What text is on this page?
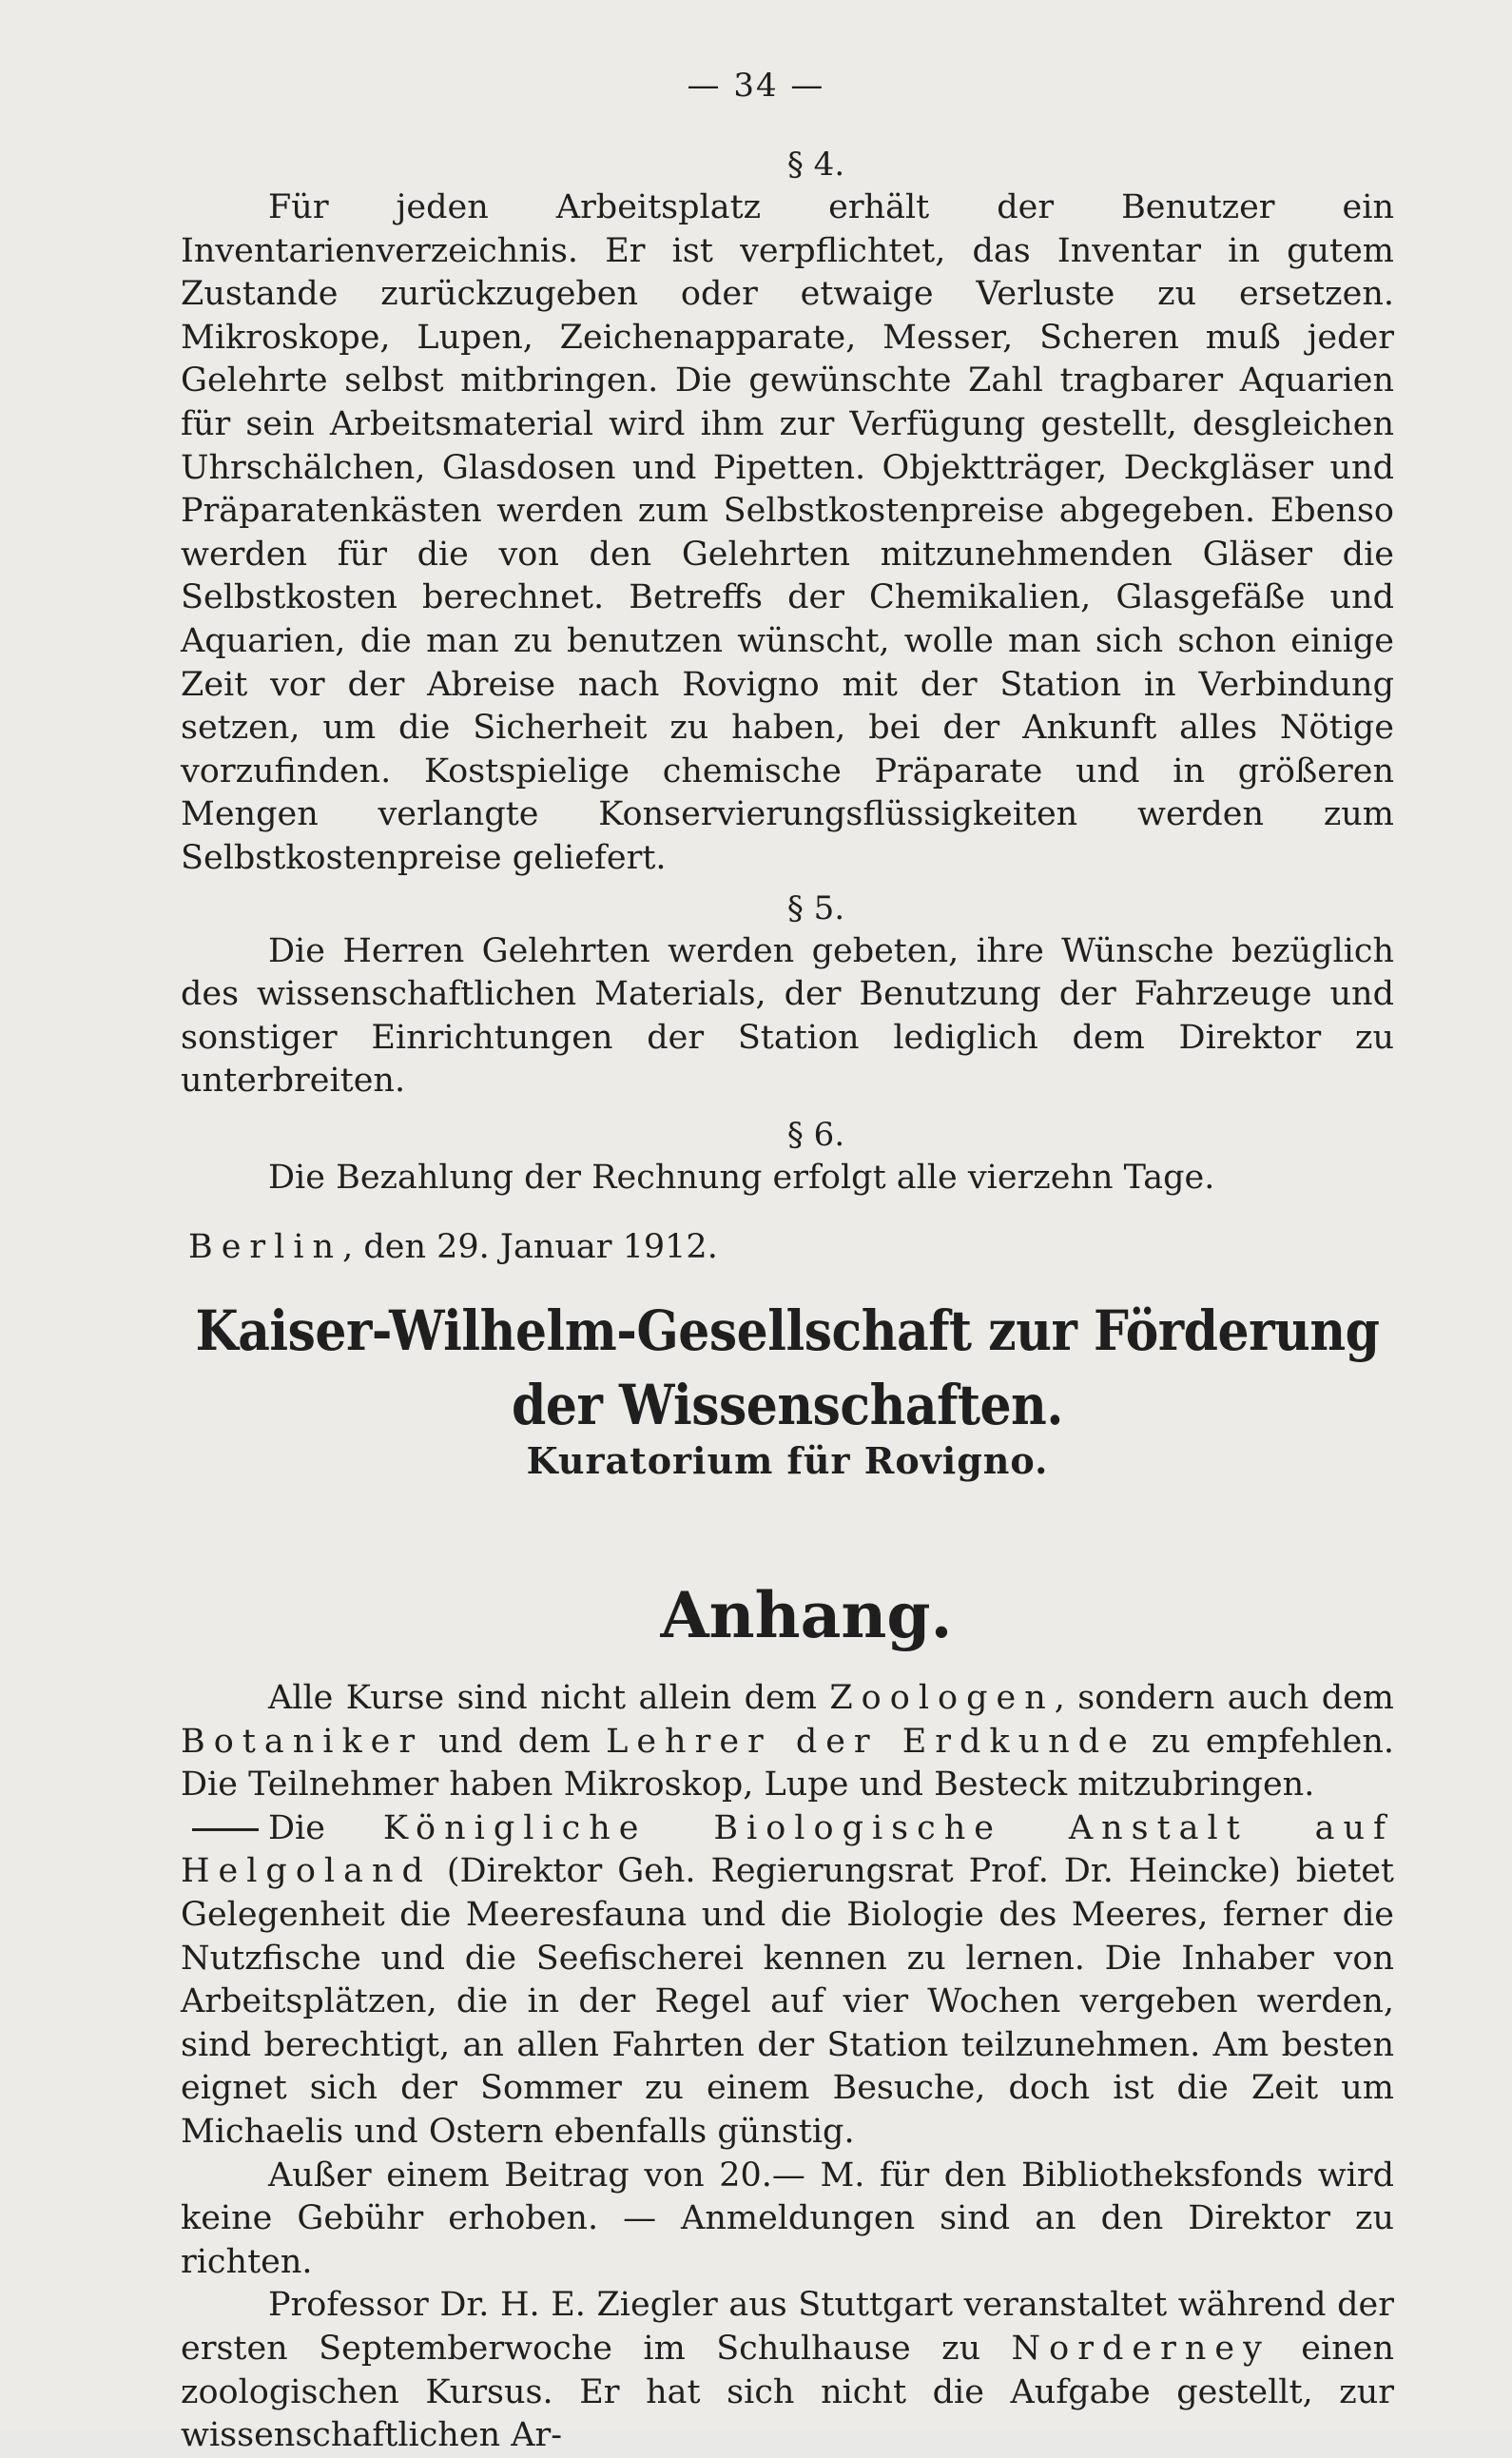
— 34 —
§ 4.

Für jeden Arbeitsplatz erhält der Benutzer ein Inventarienverzeichnis. Er ist verpflichtet, das Inventar in gutem Zustande zurückzugeben oder etwaige Verluste zu ersetzen. Mikroskope, Lupen, Zeichenapparate, Messer, Scheren muß jeder Gelehrte selbst mitbringen. Die gewünschte Zahl tragbarer Aquarien für sein Arbeitsmaterial wird ihm zur Verfügung gestellt, desgleichen Uhrschälchen, Glasdosen und Pipetten. Objektträger, Deckgläser und Präparatenkästen werden zum Selbstkostenpreise abgegeben. Ebenso werden für die von den Gelehrten mitzunehmenden Gläser die Selbstkosten berechnet. Betreffs der Chemikalien, Glasgefäße und Aquarien, die man zu benutzen wünscht, wolle man sich schon einige Zeit vor der Abreise nach Rovigno mit der Station in Verbindung setzen, um die Sicherheit zu haben, bei der Ankunft alles Nötige vorzufinden. Kostspielige chemische Präparate und in größeren Mengen verlangte Konservierungsflüssigkeiten werden zum Selbstkostenpreise geliefert.

§ 5.

Die Herren Gelehrten werden gebeten, ihre Wünsche bezüglich des wissenschaftlichen Materials, der Benutzung der Fahrzeuge und sonstiger Einrichtungen der Station lediglich dem Direktor zu unterbreiten.

§ 6.

Die Bezahlung der Rechnung erfolgt alle vierzehn Tage.

Berlin, den 29. Januar 1912.

Kaiser-Wilhelm-Gesellschaft zur Förderung der Wissenschaften.
Kuratorium für Rovigno.
Anhang.

Alle Kurse sind nicht allein dem Zoologen, sondern auch dem Botaniker und dem Lehrer der Erdkunde zu empfehlen. Die Teilnehmer haben Mikroskop, Lupe und Besteck mitzubringen.

Die Königliche Biologische Anstalt auf Helgoland (Direktor Geh. Regierungsrat Prof. Dr. Heincke) bietet Gelegenheit die Meeresfauna und die Biologie des Meeres, ferner die Nutzfische und die Seefischerei kennen zu lernen. Die Inhaber von Arbeitsplätzen, die in der Regel auf vier Wochen vergeben werden, sind berechtigt, an allen Fahrten der Station teilzunehmen. Am besten eignet sich der Sommer zu einem Besuche, doch ist die Zeit um Michaelis und Ostern ebenfalls günstig.

Außer einem Beitrag von 20.— M. für den Bibliotheksfonds wird keine Gebühr erhoben. — Anmeldungen sind an den Direktor zu richten.

Professor Dr. H. E. Ziegler aus Stuttgart veranstaltet während der ersten Septemberwoche im Schulhause zu Norderney einen zoologischen Kursus. Er hat sich nicht die Aufgabe gestellt, zur wissenschaftlichen Ar-
